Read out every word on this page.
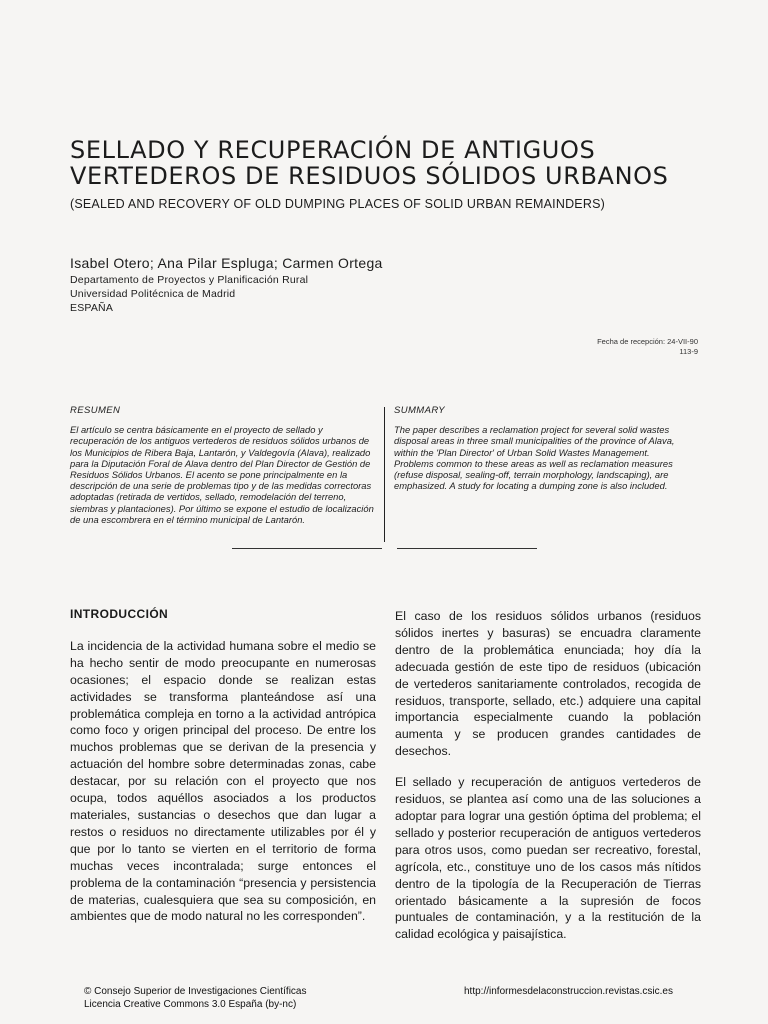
SELLADO Y RECUPERACIÓN DE ANTIGUOS
VERTEDEROS DE RESIDUOS SÓLIDOS URBANOS
(SEALED AND RECOVERY OF OLD DUMPING PLACES OF SOLID URBAN REMAINDERS)
Isabel Otero; Ana Pilar Espluga; Carmen Ortega
Departamento de Proyectos y Planificación Rural
Universidad Politécnica de Madrid
ESPAÑA
Fecha de recepción: 24-VII-90
113-9
RESUMEN
El artículo se centra básicamente en el proyecto de sellado y recuperación de los antiguos vertederos de residuos sólidos urbanos de los Municipios de Ribera Baja, Lantarón, y Valdegovía (Alava), realizado para la Diputación Foral de Alava dentro del Plan Director de Gestión de Residuos Sólidos Urbanos. El acento se pone principalmente en la descripción de una serie de problemas tipo y de las medidas correctoras adoptadas (retirada de vertidos, sellado, remodelación del terreno, siembras y plantaciones). Por último se expone el estudio de localización de una escombrera en el término municipal de Lantarón.
SUMMARY
The paper describes a reclamation project for several solid wastes disposal areas in three small municipalities of the province of Alava, within the 'Plan Director' of Urban Solid Wastes Management. Problems common to these areas as well as reclamation measures (refuse disposal, sealing-off, terrain morphology, landscaping), are emphasized. A study for locating a dumping zone is also included.
INTRODUCCIÓN

La incidencia de la actividad humana sobre el medio se ha hecho sentir de modo preocupante en numerosas ocasiones; el espacio donde se realizan estas actividades se transforma planteándose así una problemática compleja en torno a la actividad antrópica como foco y origen principal del proceso. De entre los muchos problemas que se derivan de la presencia y actuación del hombre sobre determinadas zonas, cabe destacar, por su relación con el proyecto que nos ocupa, todos aquéllos asociados a los productos materiales, sustancias o desechos que dan lugar a restos o residuos no directamente utilizables por él y que por lo tanto se vierten en el territorio de forma muchas veces incontralada; surge entonces el problema de la contaminación “presencia y persistencia de materias, cualesquiera que sea su composición, en ambientes que de modo natural no les corresponden”.

El caso de los residuos sólidos urbanos (residuos sólidos inertes y basuras) se encuadra claramente dentro de la problemática enunciada; hoy día la adecuada gestión de este tipo de residuos (ubicación de vertederos sanitariamente controlados, recogida de residuos, transporte, sellado, etc.) adquiere una capital importancia especialmente cuando la población aumenta y se producen grandes cantidades de desechos.

El sellado y recuperación de antiguos vertederos de residuos, se plantea así como una de las soluciones a adoptar para lograr una gestión óptima del problema; el sellado y posterior recuperación de antiguos vertederos para otros usos, como puedan ser recreativo, forestal, agrícola, etc., constituye uno de los casos más nítidos dentro de la tipología de la Recuperación de Tierras orientado básicamente a la supresión de focos puntuales de contaminación, y a la restitución de la calidad ecológica y paisajística.

© Consejo Superior de Investigaciones Científicas
Licencia Creative Commons 3.0 España (by-nc)
http://informesdelaconstruccion.revistas.csic.es
